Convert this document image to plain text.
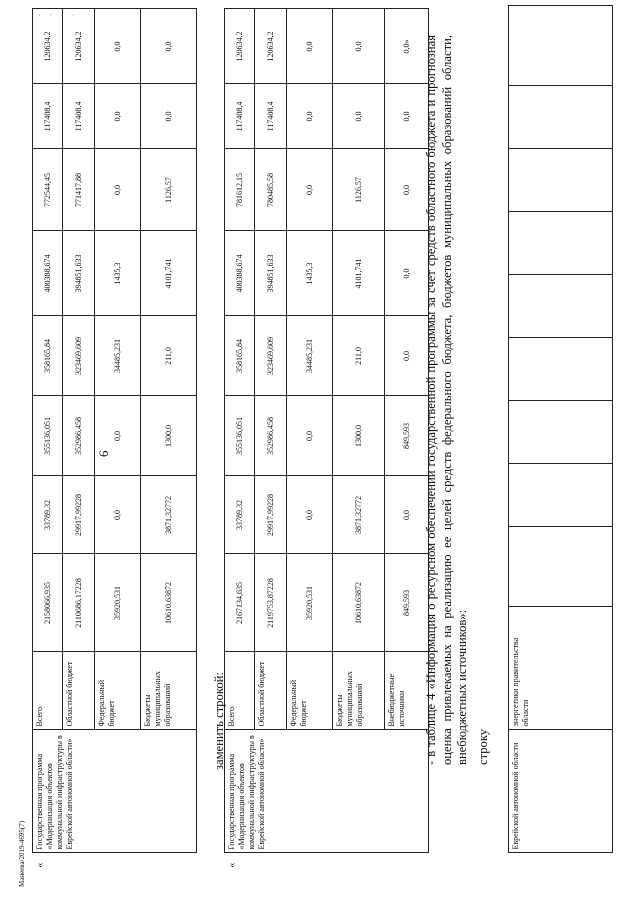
· · · ·
6
Манеева/2019-4695(7)
	Еврейской автономной области	энергетики правительства области									
- в таблице 4 «Информация о ресурсном обеспечении государственной программы за счет средств областного бюджета и прогнозная оценка привлекаемых на реализацию ее целей средств федерального бюджета, бюджетов муниципальных образований области, внебюджетных источников»: строку
«	Государственная программа «Модернизация объектов коммунальной инфраструктуры в Еврейской автономной области»	Всего	2167134,635	33789,32	355136,051	358165,84	400388,674	781612,15	117408,4	120634,2
		Областной бюджет	2119753,87228	29917,99228	352986,458	323469,609	394851,633	780485,58	117408,4	120634,2
		Федеральный бюджет	35920,531	0,0	0,0	34485,231	1435,3	0,0	0,0	0,0
		Бюджеты муниципальных образований	10610,63872	3871,32772	1300,0	211,0	4101,741	1126,57	0,0	0,0
		Внебюджетные источники	849,593	0,0	849,593	0,0	0,0	0,0	0,0	0,0»
заменить строкой:
«	Государственная программа «Модернизация объектов коммунальной инфраструктуры в Еврейской автономной области»	Всего	2158066,935	33789,32	355136,051	358165,84	400388,674	772544,45	117408,4	120634,2
		Областной бюджет	2110686,17228	29917,99228	352986,458	323469,609	394851,633	771417,88	117408,4	120634,2
		Федеральный бюджет	35920,531	0,0	0,0	34485,231	1435,3	0,0	0,0	0,0
		Бюджеты муниципальных образований	10610,63872	3871,32772	1300,0	211,0	4101,741	1126,57	0,0	0,0
